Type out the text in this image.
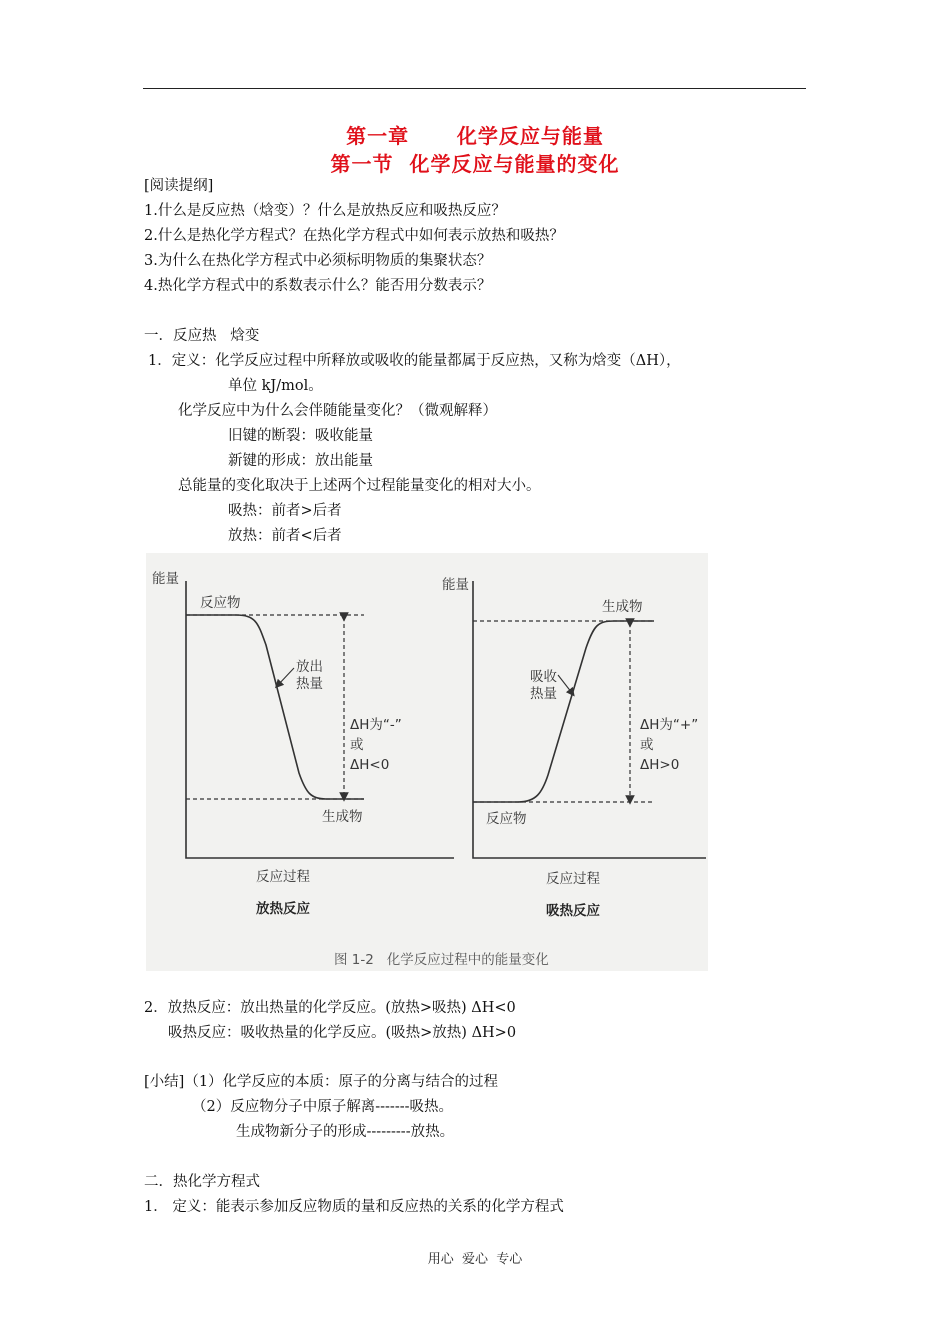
第一章      化学反应与能量
第一节  化学反应与能量的变化
[阅读提纲]
1.什么是反应热（焓变）？什么是放热反应和吸热反应？
2.什么是热化学方程式？在热化学方程式中如何表示放热和吸热？
3.为什么在热化学方程式中必须标明物质的集聚状态？
4.热化学方程式中的系数表示什么？能否用分数表示？
一．反应热   焓变
1．定义：化学反应过程中所释放或吸收的能量都属于反应热，又称为焓变（ΔH），
单位 kJ/mol。
化学反应中为什么会伴随能量变化？（微观解释）
旧键的断裂：吸收能量
新键的形成：放出能量
总能量的变化取决于上述两个过程能量变化的相对大小。
吸热：前者>后者
放热：前者<后者
能量
反应物
放出
热量
ΔH为“-”
或
ΔH<0
生成物
反应过程
放热反应
能量
生成物
吸收
热量
ΔH为“+”
或
ΔH>0
反应物
反应过程
吸热反应
图 1-2   化学反应过程中的能量变化
2．放热反应：放出热量的化学反应。(放热>吸热) ΔH<0
吸热反应：吸收热量的化学反应。(吸热>放热) ΔH>0
[小结]（1）化学反应的本质：原子的分离与结合的过程
（2）反应物分子中原子解离-------吸热。
生成物新分子的形成---------放热。
二．热化学方程式
1． 定义：能表示参加反应物质的量和反应热的关系的化学方程式
用心  爱心  专心
